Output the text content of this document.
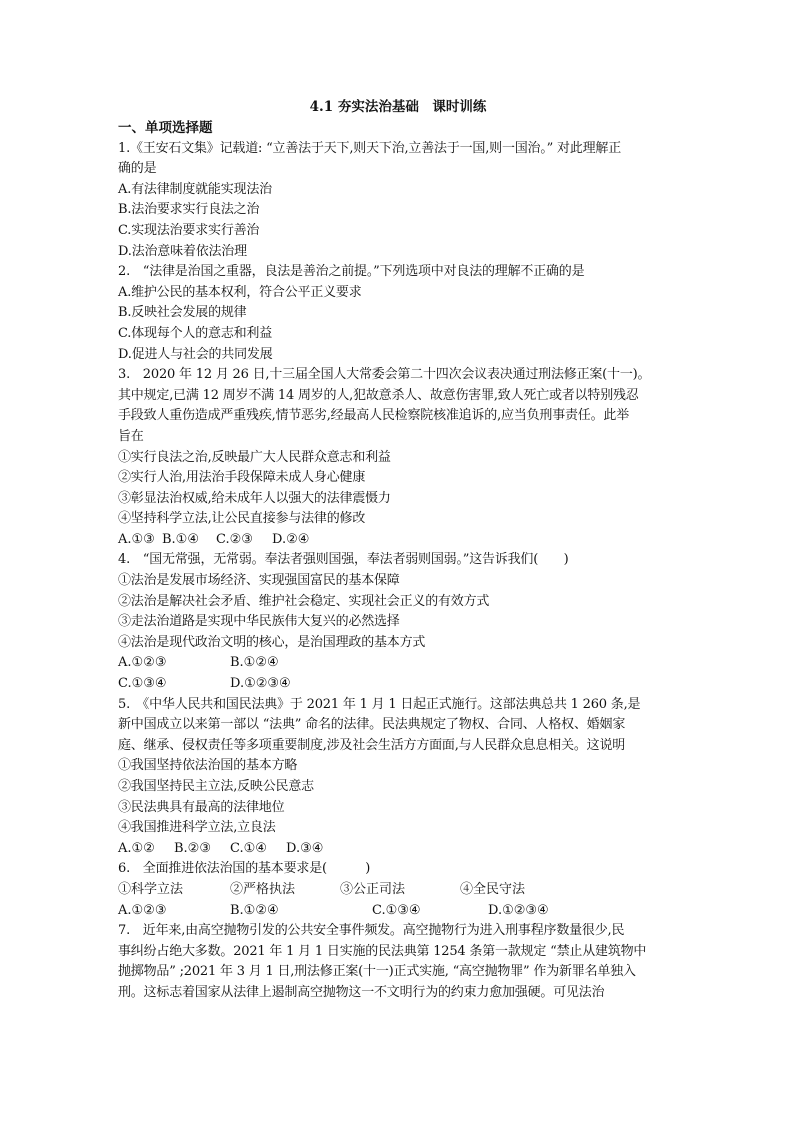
4.1 夯实法治基础　课时训练

一、单项选择题

1.《王安石文集》记载道: “立善法于天下,则天下治,立善法于一国,则一国治。” 对此理解正

确的是

A.有法律制度就能实现法治

B.法治要求实行良法之治

C.实现法治要求实行善治

D.法治意味着依法治理

2.　“法律是治国之重器，良法是善治之前提。”下列选项中对良法的理解不正确的是

A.维护公民的基本权利，符合公平正义要求

B.反映社会发展的规律

C.体现每个人的意志和利益

D.促进人与社会的共同发展

3.　2020 年 12 月 26 日,十三届全国人大常委会第二十四次会议表决通过刑法修正案(十一)。

其中规定,已满 12 周岁不满 14 周岁的人,犯故意杀人、故意伤害罪,致人死亡或者以特别残忍

手段致人重伤造成严重残疾,情节恶劣,经最高人民检察院核准追诉的,应当负刑事责任。此举

旨在

①实行良法之治,反映最广大人民群众意志和利益

②实行人治,用法治手段保障未成人身心健康

③彰显法治权威,给未成年人以强大的法律震慑力

④坚持科学立法,让公民直接参与法律的修改

A.①③ B.①④	C.②③	D.②④

4.　“国无常强，无常弱。奉法者强则国强，奉法者弱则国弱。”这告诉我们(　　)

①法治是发展市场经济、实现强国富民的基本保障

②法治是解决社会矛盾、维护社会稳定、实现社会正义的有效方式

③走法治道路是实现中华民族伟大复兴的必然选择

④法治是现代政治文明的核心，是治国理政的基本方式

A.①②③	B.①②④
C.①③④	D.①②③④

5.　《中华人民共和国民法典》于 2021 年 1 月 1 日起正式施行。这部法典总共 1 260 条,是

新中国成立以来第一部以 “法典” 命名的法律。民法典规定了物权、合同、人格权、婚姻家

庭、继承、侵权责任等多项重要制度,涉及社会生活方方面面,与人民群众息息相关。这说明

①我国坚持依法治国的基本方略

②我国坚持民主立法,反映公民意志

③民法典具有最高的法律地位

④我国推进科学立法,立良法

A.①②	B.②③	C.①④	D.③④

6.　全面推进依法治国的基本要求是(　　　)

①科学立法	②严格执法	③公正司法	④全民守法
A.①②③	B.①②④	C.①③④	D.①②③④

7.　近年来,由高空抛物引发的公共安全事件频发。高空抛物行为进入刑事程序数量很少,民

事纠纷占绝大多数。2021 年 1 月 1 日实施的民法典第 1254 条第一款规定 “禁止从建筑物中

抛掷物品” ;2021 年 3 月 1 日,刑法修正案(十一)正式实施, “高空抛物罪” 作为新罪名单独入

刑。这标志着国家从法律上遏制高空抛物这一不文明行为的约束力愈加强硬。可见法治
